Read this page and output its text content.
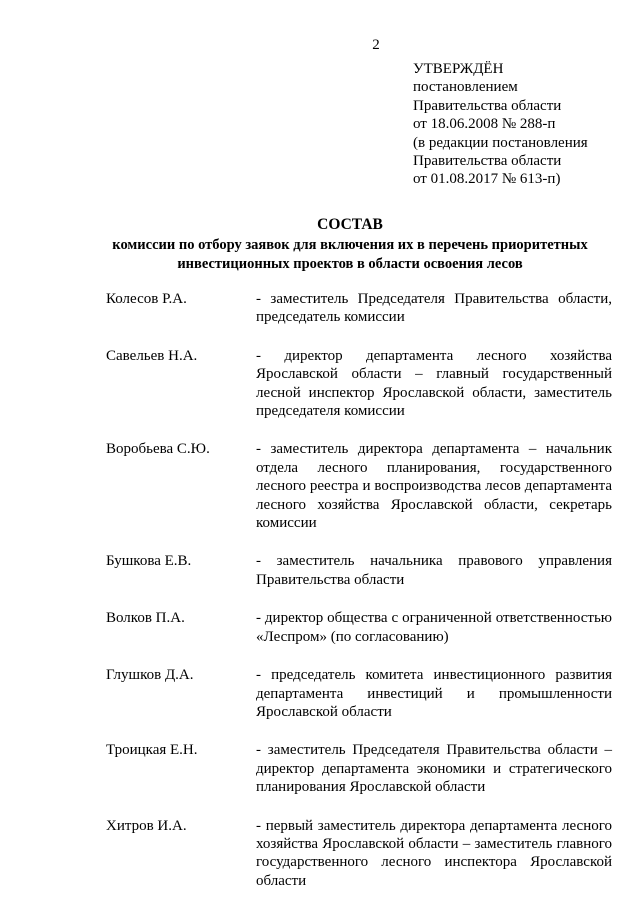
2
УТВЕРЖДЁН
постановлением
Правительства области
от 18.06.2008 № 288-п
(в редакции постановления
Правительства области
от 01.08.2017 № 613-п)
СОСТАВ
комиссии по отбору заявок для включения их в перечень приоритетных
инвестиционных проектов в области освоения лесов
Колесов Р.А.	- заместитель Председателя Правительства области, председатель комиссии
Савельев Н.А.	- директор департамента лесного хозяйства Ярославской области – главный государственный лесной инспектор Ярославской области, заместитель председателя комиссии
Воробьева С.Ю.	- заместитель директора департамента – начальник отдела лесного планирования, государственного лесного реестра и воспроизводства лесов департамента лесного хозяйства Ярославской области, секретарь комиссии
Бушкова Е.В.	- заместитель начальника правового управления Правительства области
Волков П.А.	- директор общества с ограниченной ответственностью «Леспром» (по согласованию)
Глушков Д.А.	- председатель комитета инвестиционного развития департамента инвестиций и промышленности Ярославской области
Троицкая Е.Н.	- заместитель Председателя Правительства области – директор департамента экономики и стратегического планирования Ярославской области
Хитров И.А.	- первый заместитель директора департамента лесного хозяйства Ярославской области – заместитель главного государственного лесного инспектора Ярославской области
